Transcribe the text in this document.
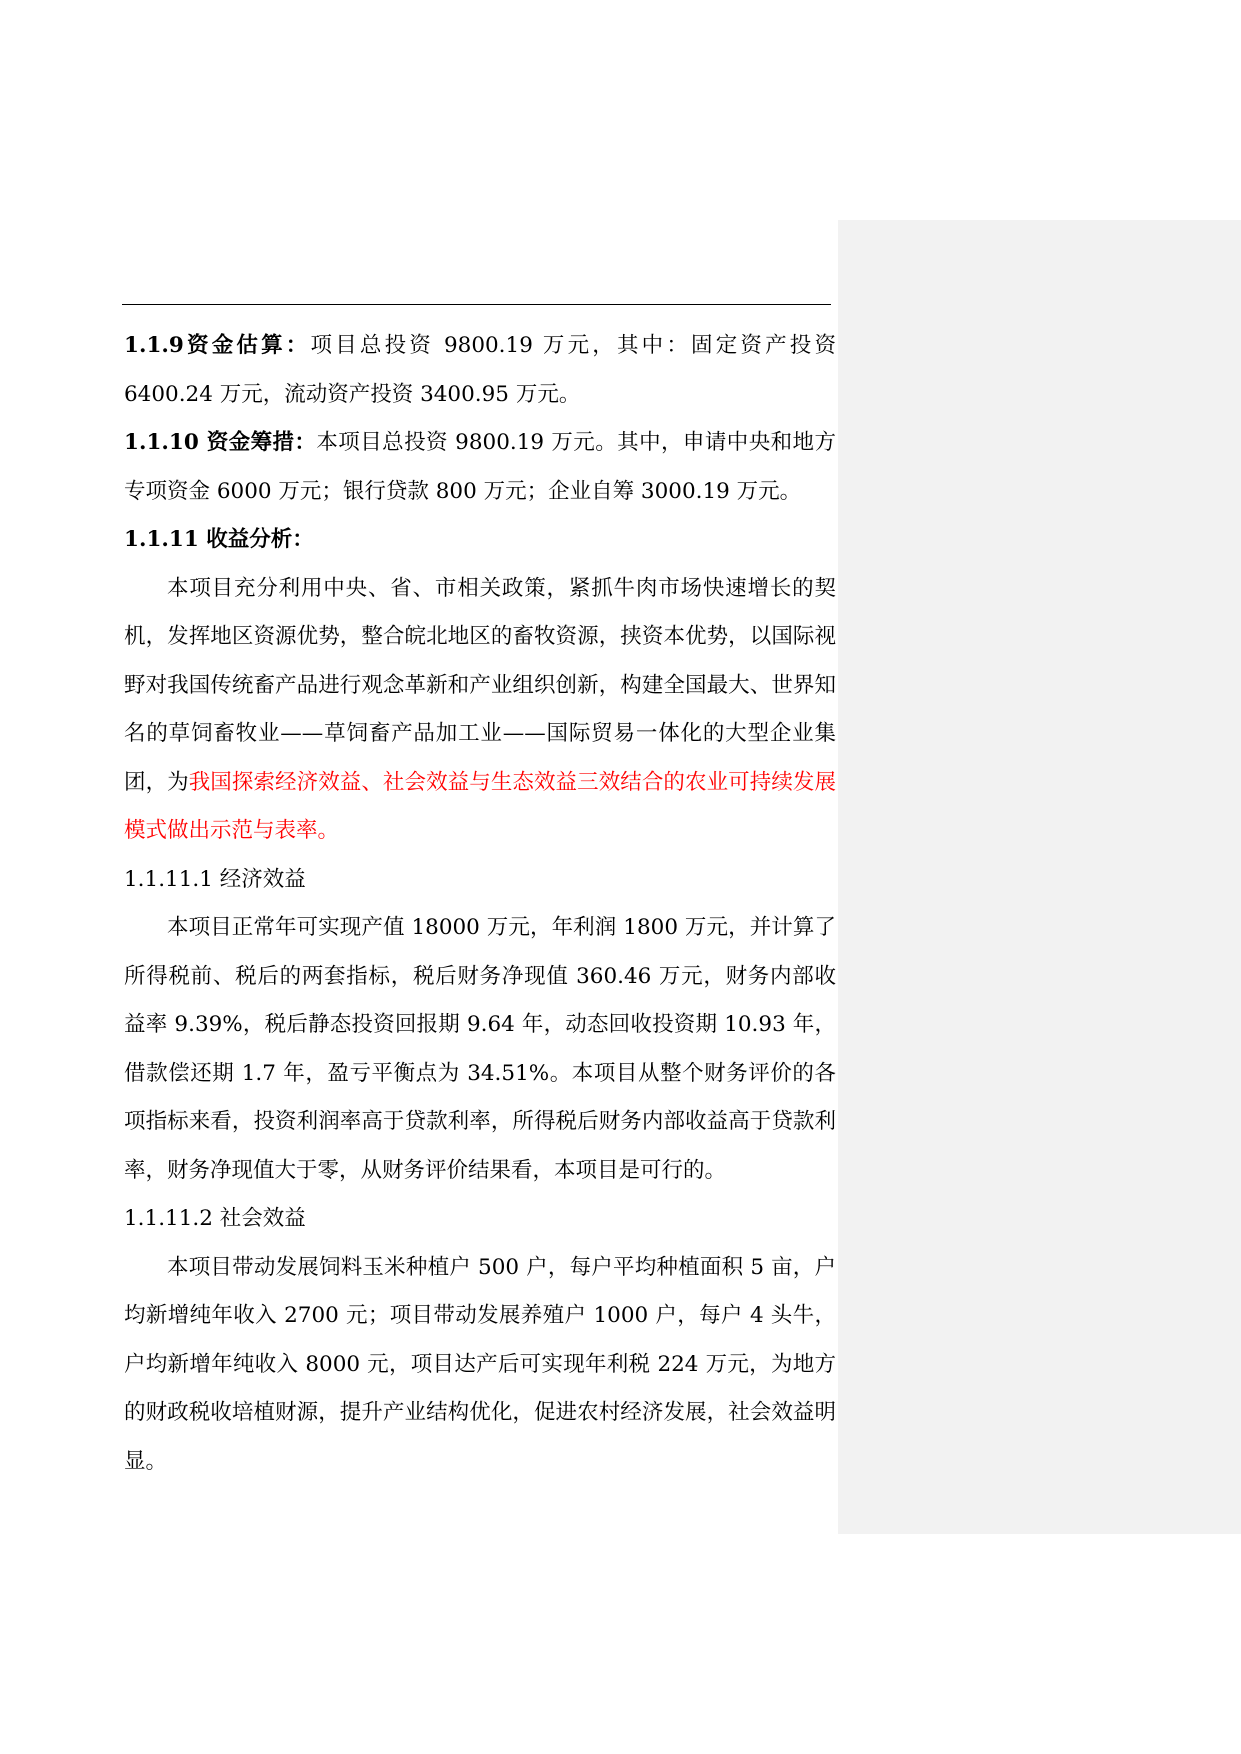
1.1.9资金估算：项目总投资 9800.19 万元，其中：固定资产投资 6400.24 万元，流动资产投资 3400.95 万元。

1.1.10 资金筹措：本项目总投资 9800.19 万元。其中，申请中央和地方专项资金 6000 万元；银行贷款 800 万元；企业自筹 3000.19 万元。

1.1.11 收益分析：

本项目充分利用中央、省、市相关政策，紧抓牛肉市场快速增长的契机，发挥地区资源优势，整合皖北地区的畜牧资源，挟资本优势，以国际视野对我国传统畜产品进行观念革新和产业组织创新，构建全国最大、世界知名的草饲畜牧业——草饲畜产品加工业——国际贸易一体化的大型企业集团，为我国探索经济效益、社会效益与生态效益三效结合的农业可持续发展模式做出示范与表率。

1.1.11.1 经济效益

本项目正常年可实现产值 18000 万元，年利润 1800 万元，并计算了所得税前、税后的两套指标，税后财务净现值 360.46 万元，财务内部收益率 9.39%，税后静态投资回报期 9.64 年，动态回收投资期 10.93 年，借款偿还期 1.7 年，盈亏平衡点为 34.51%。本项目从整个财务评价的各项指标来看，投资利润率高于贷款利率，所得税后财务内部收益高于贷款利率，财务净现值大于零，从财务评价结果看，本项目是可行的。

1.1.11.2 社会效益

本项目带动发展饲料玉米种植户 500 户，每户平均种植面积 5 亩，户均新增纯年收入 2700 元；项目带动发展养殖户 1000 户，每户 4 头牛，户均新增年纯收入 8000 元，项目达产后可实现年利税 224 万元，为地方的财政税收培植财源，提升产业结构优化，促进农村经济发展，社会效益明显。
